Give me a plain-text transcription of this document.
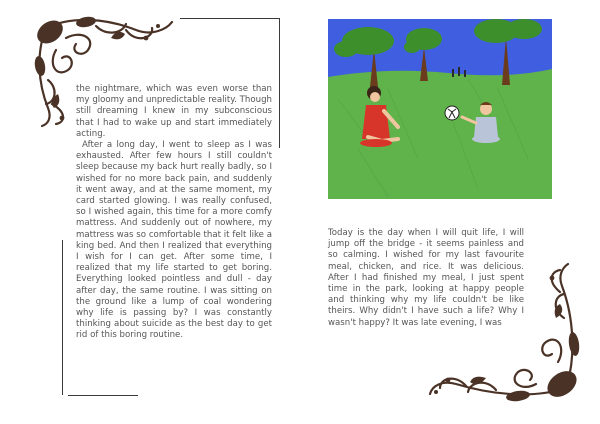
the nightmare, which was even worse than my gloomy and unpredictable reality. Though still dreaming I knew in my subconscious that I had to wake up and start immediately acting.

After a long day, I went to sleep as I was exhausted. After few hours I still couldn't sleep because my back hurt really badly, so I wished for no more back pain, and suddenly it went away, and at the same moment, my card started glowing. I was really confused, so I wished again, this time for a more comfy mattress. And suddenly out of nowhere, my mattress was so comfortable that it felt like a king bed. And then I realized that everything I wish for I can get. After some time, I realized that my life started to get boring. Everything looked pointless and dull - day after day, the same routine. I was sitting on the ground like a lump of coal wondering why life is passing by? I was constantly thinking about suicide as the best day to get rid of this boring routine.

Today is the day when I will quit life, I will jump off the bridge - it seems painless and so calming. I wished for my last favourite meal, chicken, and rice. It was delicious. After I had finished my meal, I just spent time in the park, looking at happy people and thinking why my life couldn't be like theirs. Why didn't I have such a life? Why I wasn't happy? It was late evening, I was
